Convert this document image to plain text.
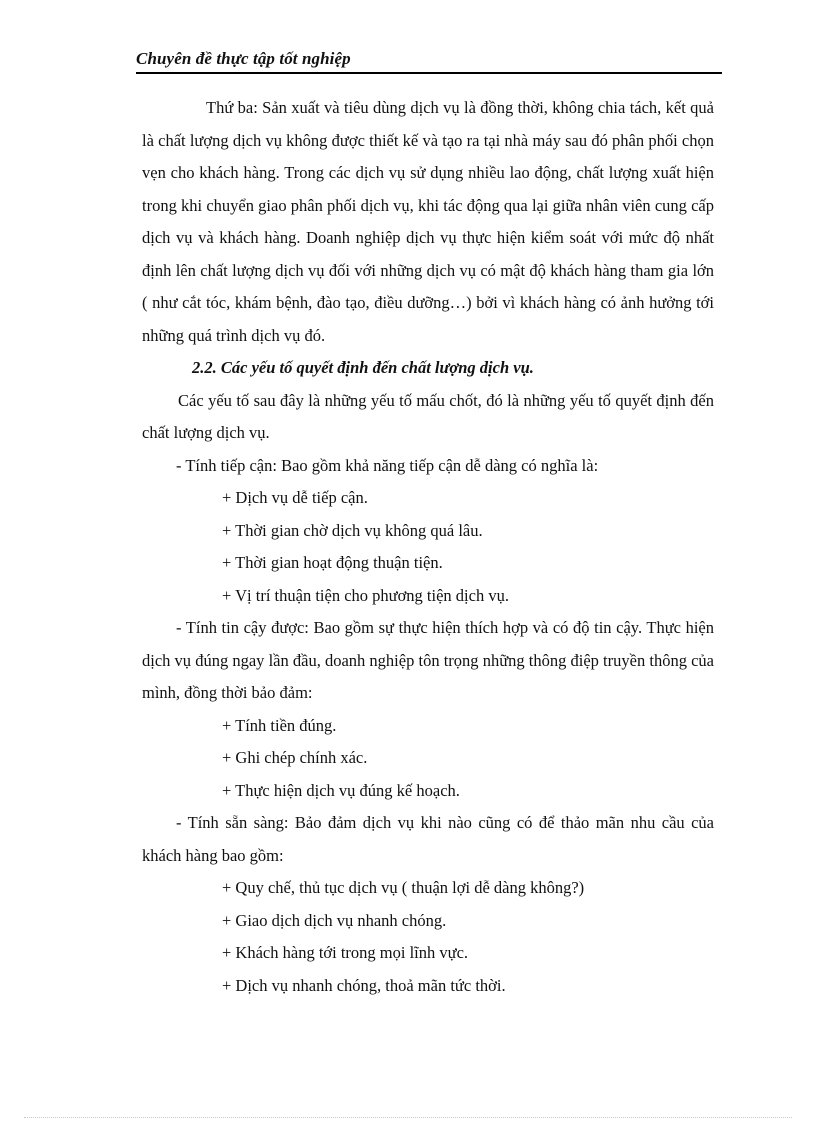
Chuyên đề thực tập tốt nghiệp

Thứ ba: Sản xuất và tiêu dùng dịch vụ là đồng thời, không chia tách, kết quả là chất lượng dịch vụ không được thiết kế và tạo ra tại nhà máy sau đó phân phối chọn vẹn cho khách hàng. Trong các dịch vụ sử dụng nhiều lao động, chất lượng xuất hiện trong khi chuyển giao phân phối dịch vụ, khi tác động qua lại giữa nhân viên cung cấp dịch vụ và khách hàng. Doanh nghiệp dịch vụ thực hiện kiểm soát với mức độ nhất định lên chất lượng dịch vụ đối với những dịch vụ có mật độ khách hàng tham gia lớn ( như cắt tóc, khám bệnh, đào tạo, điều dưỡng…) bởi vì khách hàng có ảnh hưởng tới những quá trình dịch vụ đó.

2.2. Các yếu tố quyết định đến chất lượng dịch vụ.

Các yếu tố sau đây là những yếu tố mấu chốt, đó là những yếu tố quyết định đến chất lượng dịch vụ.

- Tính tiếp cận: Bao gồm khả năng tiếp cận dễ dàng có nghĩa là:

+ Dịch vụ dễ tiếp cận.

+ Thời gian chờ dịch vụ không quá lâu.

+ Thời gian hoạt động thuận tiện.

+ Vị trí thuận tiện cho phương tiện dịch vụ.

- Tính tin cậy được: Bao gồm sự thực hiện thích hợp và có độ tin cậy. Thực hiện dịch vụ đúng ngay lần đầu, doanh nghiệp tôn trọng những thông điệp truyền thông của mình, đồng thời bảo đảm:

+ Tính tiền đúng.

+ Ghi chép chính xác.

+ Thực hiện dịch vụ đúng kế hoạch.

- Tính sẵn sàng: Bảo đảm dịch vụ khi nào cũng có để thảo mãn nhu cầu của khách hàng bao gồm:

+ Quy chế, thủ tục dịch vụ ( thuận lợi dễ dàng không?)

+ Giao dịch dịch vụ nhanh chóng.

+ Khách hàng tới trong mọi lĩnh vực.

+ Dịch vụ nhanh chóng, thoả mãn tức thời.
